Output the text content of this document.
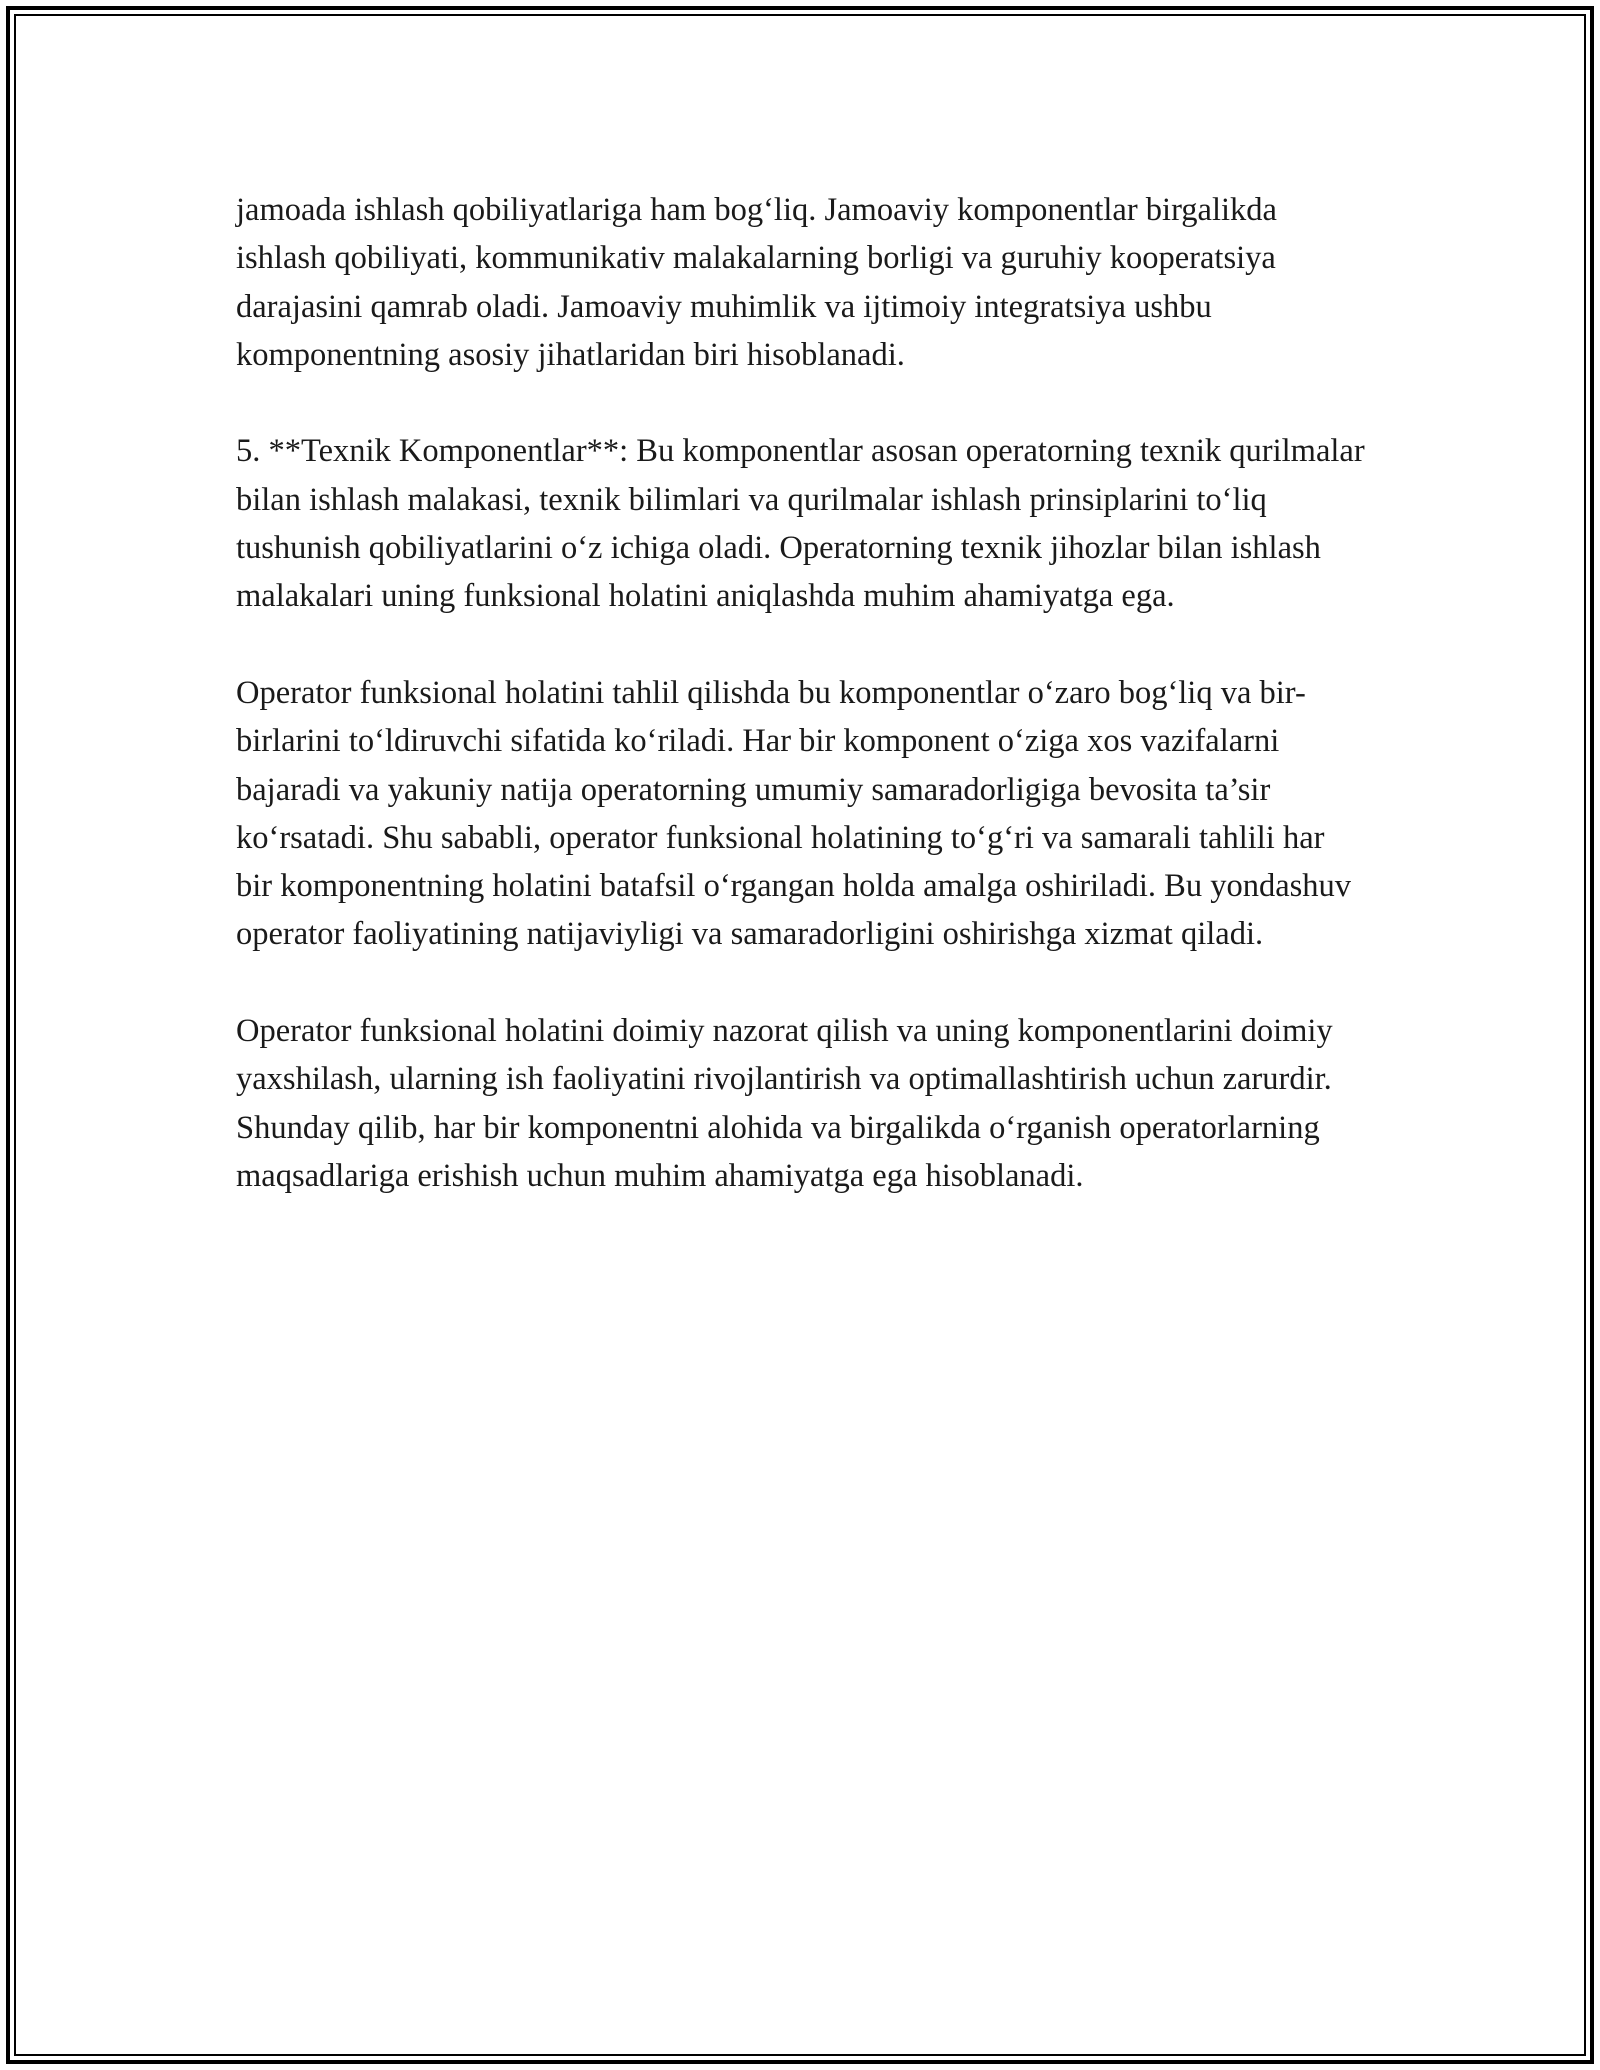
jamoada ishlash qobiliyatlariga ham bog‘liq. Jamoaviy komponentlar birgalikda ishlash qobiliyati, kommunikativ malakalarning borligi va guruhiy kooperatsiya darajasini qamrab oladi. Jamoaviy muhimlik va ijtimoiy integratsiya ushbu komponentning asosiy jihatlaridan biri hisoblanadi.

5. **Texnik Komponentlar**: Bu komponentlar asosan operatorning texnik qurilmalar bilan ishlash malakasi, texnik bilimlari va qurilmalar ishlash prinsiplarini to‘liq tushunish qobiliyatlarini o‘z ichiga oladi. Operatorning texnik jihozlar bilan ishlash malakalari uning funksional holatini aniqlashda muhim ahamiyatga ega.

Operator funksional holatini tahlil qilishda bu komponentlar o‘zaro bog‘liq va bir-birlarini to‘ldiruvchi sifatida ko‘riladi. Har bir komponent o‘ziga xos vazifalarni bajaradi va yakuniy natija operatorning umumiy samaradorligiga bevosita ta’sir ko‘rsatadi. Shu sababli, operator funksional holatining to‘g‘ri va samarali tahlili har bir komponentning holatini batafsil o‘rgangan holda amalga oshiriladi. Bu yondashuv operator faoliyatining natijaviyligi va samaradorligini oshirishga xizmat qiladi.

Operator funksional holatini doimiy nazorat qilish va uning komponentlarini doimiy yaxshilash, ularning ish faoliyatini rivojlantirish va optimallashtirish uchun zarurdir. Shunday qilib, har bir komponentni alohida va birgalikda o‘rganish operatorlarning maqsadlariga erishish uchun muhim ahamiyatga ega hisoblanadi.
